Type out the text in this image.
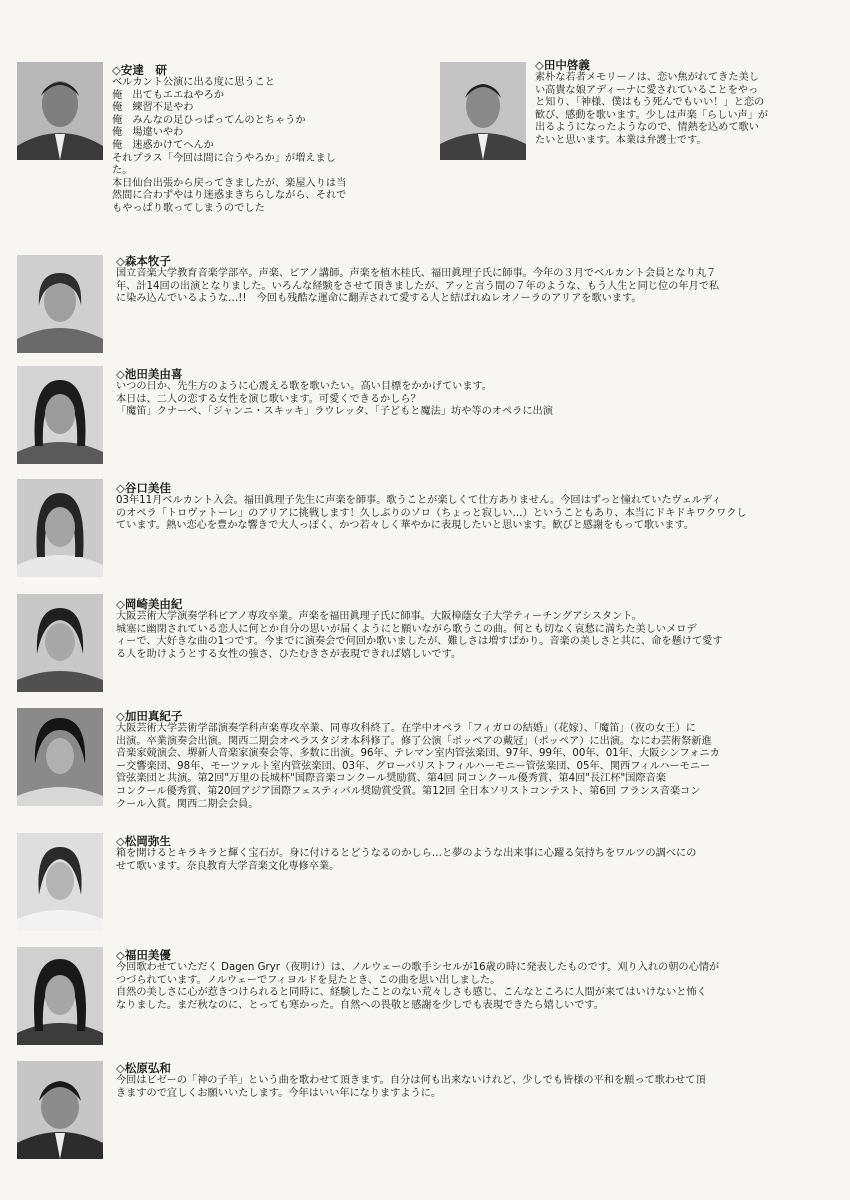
◇安達　研
ベルカント公演に出る度に思うこと
俺　出てもエエねやろか
俺　練習不足やわ
俺　みんなの足ひっぱってんのとちゃうか
俺　場違いやわ
俺　迷惑かけてへんか
それプラス「今回は間に合うやろか」が増えまし
た。
本日仙台出張から戻ってきましたが、楽屋入りは当
然間に合わずやはり迷惑まきちらしながら、それで
もやっぱり歌ってしまうのでした
◇田中啓義
素朴な若者メモリーノは、恋い焦がれてきた美し
い高貴な娘アディーナに愛されていることをやっ
と知り、「神様、僕はもう死んでもいい！」と恋の
歓び、感動を歌います。少しは声楽「らしい声」が
出るようになったようなので、情熱を込めて歌い
たいと思います。本業は弁護士です。
◇森本牧子
国立音楽大学教育音楽学部卒。声楽、ピアノ講師。声楽を植木桂氏、福田眞理子氏に師事。今年の３月でベルカント会員となり丸７
年、計14回の出演となりました。いろんな経験をさせて頂きましたが、アッと言う間の７年のような、もう人生と同じ位の年月で私
に染み込んでいるような…!!　今回も残酷な運命に翻弄されて愛する人と結ばれぬレオノーラのアリアを歌います。
◇池田美由喜
いつの日か、先生方のように心震える歌を歌いたい。高い目標をかかげています。
本日は、二人の恋する女性を演じ歌います。可愛くできるかしら？
「魔笛」クナーペ、「ジャンニ・スキッキ」ラウレッタ、「子どもと魔法」坊や等のオペラに出演
◇谷口美佳
03年11月ベルカント入会。福田眞理子先生に声楽を師事。歌うことが楽しくて仕方ありません。今回はずっと憧れていたヴェルディ
のオペラ「トロヴァトーレ」のアリアに挑戦します！久しぶりのソロ（ちょっと寂しい…）ということもあり、本当にドキドキワクワクし
ています。熱い恋心を豊かな響きで大人っぽく、かつ若々しく華やかに表現したいと思います。歓びと感謝をもって歌います。
◇岡崎美由紀
大阪芸術大学演奏学科ピアノ専攻卒業。声楽を福田眞理子氏に師事。大阪樟蔭女子大学ティーチングアシスタント。
城塞に幽閉されている恋人に何とか自分の思いが届くようにと願いながら歌うこの曲。何とも切なく哀愁に満ちた美しいメロデ
ィーで、大好きな曲の1つです。今までに演奏会で何回か歌いましたが、難しさは増すばかり。音楽の美しさと共に、命を懸けて愛す
る人を助けようとする女性の強さ、ひたむきさが表現できれば嬉しいです。
◇加田真紀子
大阪芸術大学芸術学部演奏学科声楽専攻卒業、同専攻科終了。在学中オペラ「フィガロの結婚」（花嫁）、「魔笛」（夜の女王）に
出演。卒業演奏会出演。関西二期会オペラスタジオ本科修了。修了公演「ポッペアの戴冠」（ポッペア）に出演。なにわ芸術祭新進
音楽家競演会、堺新人音楽家演奏会等、多数に出演。96年、テレマン室内管弦楽団、97年、99年、00年、01年、大阪シンフォニカ
ー交響楽団、98年、モーツァルト室内管弦楽団、03年、グローバリストフィルハーモニー管弦楽団、05年、関西フィルハーモニー
管弦楽団と共演。第2回"万里の長城杯"国際音楽コンクール奨励賞、第4回 同コンクール優秀賞、第4回"長江杯"国際音楽
コンクール優秀賞、第20回アジア国際フェスティバル奨励賞受賞。第12回 全日本ソリストコンテスト、第6回 フランス音楽コン
クール入賞。関西二期会会員。
◇松岡弥生
箱を開けるとキラキラと輝く宝石が。身に付けるとどうなるのかしら…と夢のような出来事に心躍る気持ちをワルツの調べにの
せて歌います。奈良教育大学音楽文化専修卒業。
◇福田美優
今回歌わせていただく Dagen Gryr（夜明け）は、ノルウェーの歌手シセルが16歳の時に発表したものです。刈り入れの朝の心情が
つづられています。ノルウェーでフィヨルドを見たとき、この曲を思い出しました。
自然の美しさに心が惹きつけられると同時に、経験したことのない荒々しさも感じ、こんなところに人間が来てはいけないと怖く
なりました。まだ秋なのに、とっても寒かった。自然への畏敬と感謝を少しでも表現できたら嬉しいです。
◇松原弘和
今回はビゼーの「神の子羊」という曲を歌わせて頂きます。自分は何も出来ないけれど、少しでも皆様の平和を願って歌わせて頂
きますので宜しくお願いいたします。今年はいい年になりますように。
